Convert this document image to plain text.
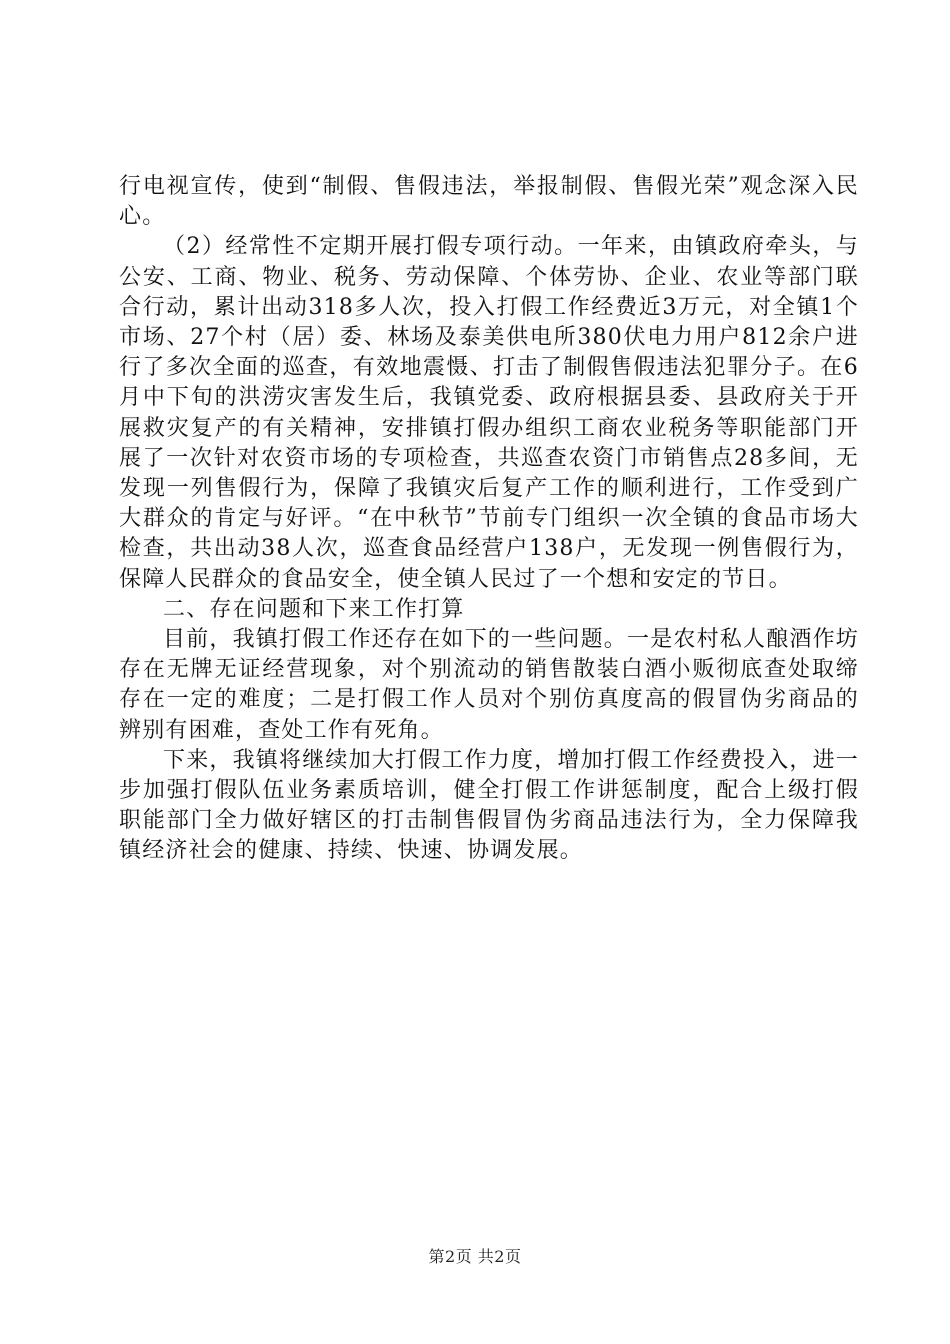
行电视宣传，使到“制假、售假违法，举报制假、售假光荣”观念深入民心。

（2）经常性不定期开展打假专项行动。一年来，由镇政府牵头，与公安、工商、物业、税务、劳动保障、个体劳协、企业、农业等部门联合行动，累计出动318多人次，投入打假工作经费近3万元，对全镇1个市场、27个村（居）委、林场及泰美供电所380伏电力用户812余户进行了多次全面的巡查，有效地震慑、打击了制假售假违法犯罪分子。在6月中下旬的洪涝灾害发生后，我镇党委、政府根据县委、县政府关于开展救灾复产的有关精神，安排镇打假办组织工商农业税务等职能部门开展了一次针对农资市场的专项检查，共巡查农资门市销售点28多间，无发现一列售假行为，保障了我镇灾后复产工作的顺利进行，工作受到广大群众的肯定与好评。“在中秋节”节前专门组织一次全镇的食品市场大检查，共出动38人次，巡查食品经营户138户，无发现一例售假行为，保障人民群众的食品安全，使全镇人民过了一个想和安定的节日。

二、存在问题和下来工作打算

目前，我镇打假工作还存在如下的一些问题。一是农村私人酿酒作坊存在无牌无证经营现象，对个别流动的销售散装白酒小贩彻底查处取缔存在一定的难度；二是打假工作人员对个别仿真度高的假冒伪劣商品的辨别有困难，查处工作有死角。

下来，我镇将继续加大打假工作力度，增加打假工作经费投入，进一步加强打假队伍业务素质培训，健全打假工作讲惩制度，配合上级打假职能部门全力做好辖区的打击制售假冒伪劣商品违法行为，全力保障我镇经济社会的健康、持续、快速、协调发展。

第2页 共2页
